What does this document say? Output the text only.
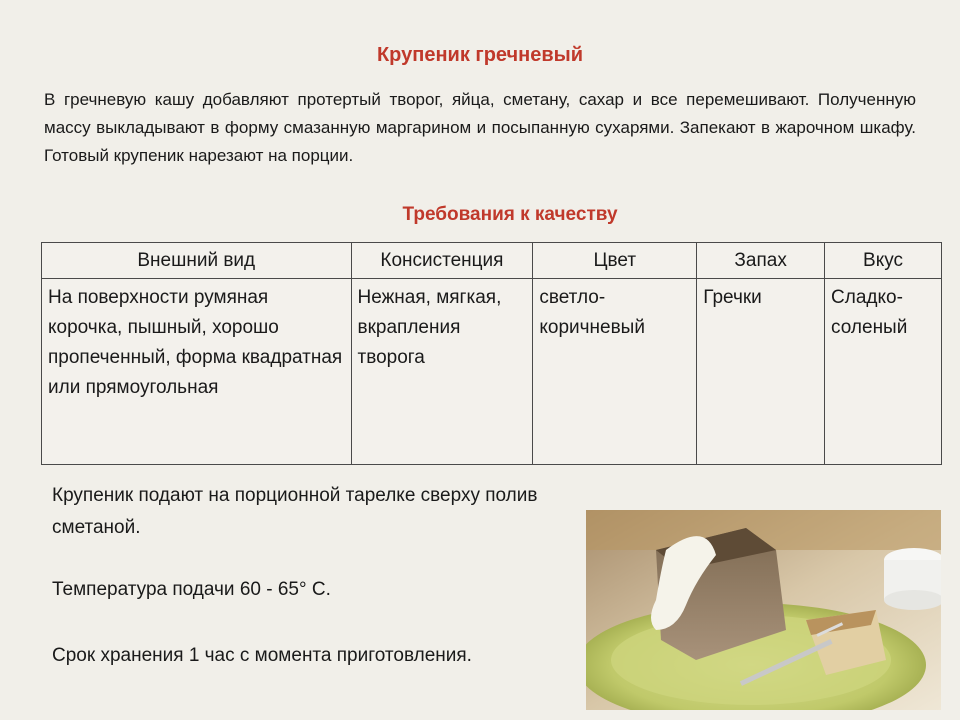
Крупеник гречневый
В гречневую кашу добавляют протертый творог, яйца, сметану, сахар и все перемешивают. Полученную массу выкладывают в форму смазанную маргарином и посыпанную сухарями. Запекают в жарочном шкафу. Готовый крупеник нарезают на порции.
Требования к качеству
Внешний вид	Консистенция	Цвет	Запах	Вкус
На поверхности румяная корочка, пышный, хорошо пропеченный, форма квадратная или прямоугольная	Нежная, мягкая, вкрапления творога	светло-коричневый	Гречки	Сладко-соленый
Крупеник подают на порционной тарелке сверху полив сметаной.
Температура подачи 60 - 65° С.
Срок хранения 1 час с момента приготовления.
